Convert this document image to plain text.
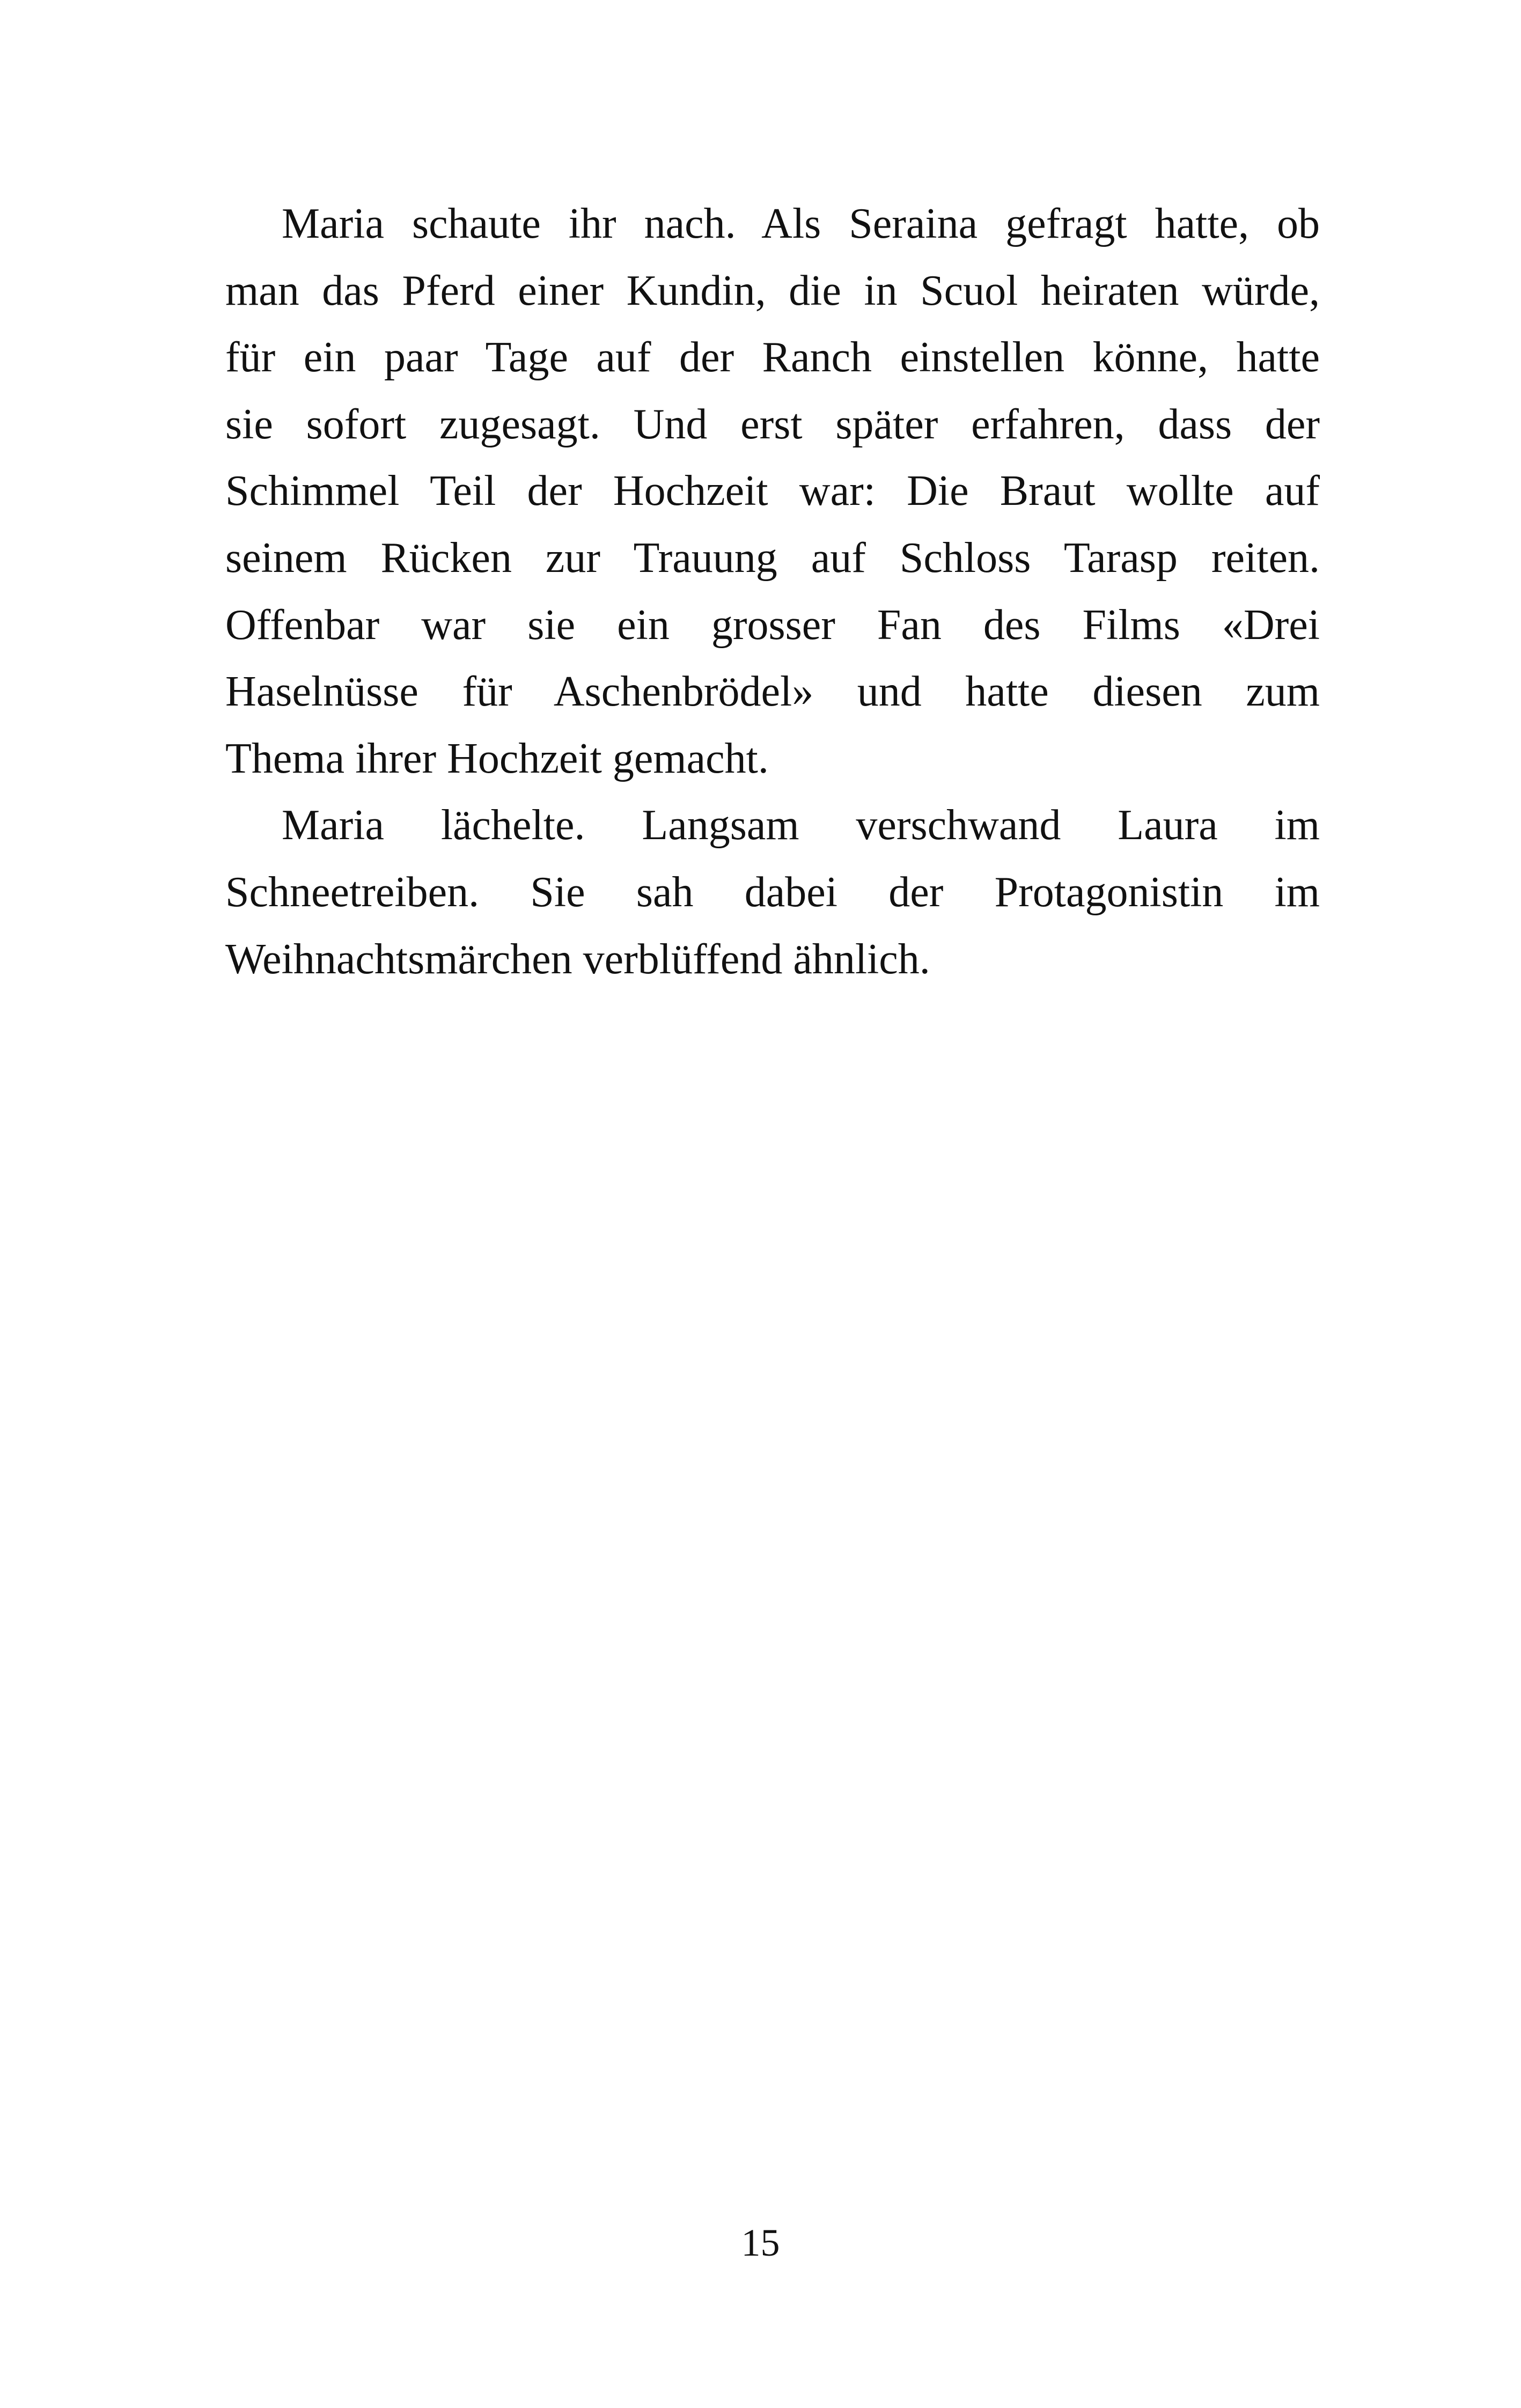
Maria schaute ihr nach. Als Seraina gefragt hatte, ob
man das Pferd einer Kundin, die in Scuol heiraten würde,
für ein paar Tage auf der Ranch einstellen könne, hatte
sie sofort zugesagt. Und erst später erfahren, dass der
Schimmel Teil der Hochzeit war: Die Braut wollte auf
seinem Rücken zur Trauung auf Schloss Tarasp reiten.
Offenbar war sie ein grosser Fan des Films «Drei
Haselnüsse für Aschenbrödel» und hatte diesen zum
Thema ihrer Hochzeit gemacht.
Maria lächelte. Langsam verschwand Laura im
Schneetreiben. Sie sah dabei der Protagonistin im
Weihnachtsmärchen verblüffend ähnlich.
15
